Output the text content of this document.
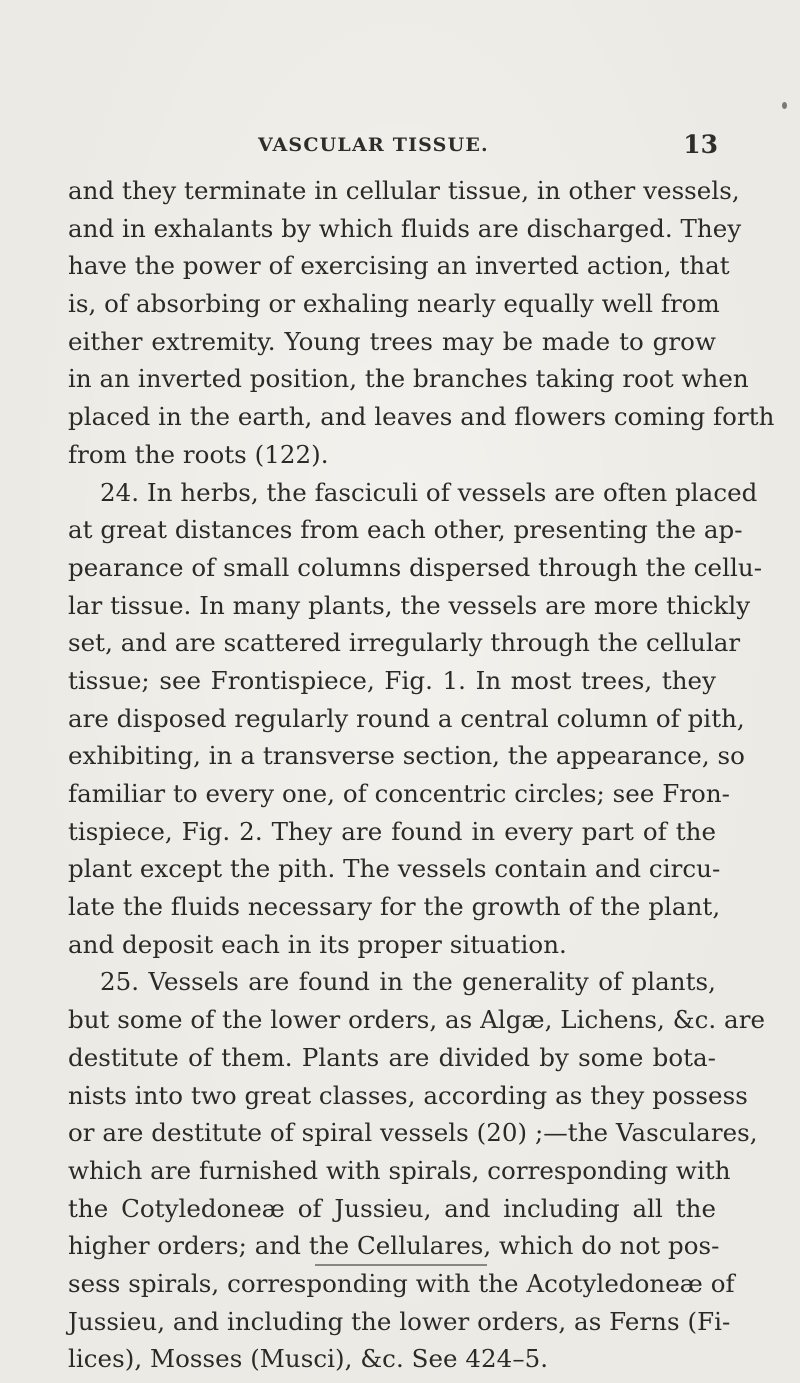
VASCULAR TISSUE.	13
and they terminate in cellular tissue, in other vessels,
and in exhalants by which fluids are discharged. They
have the power of exercising an inverted action, that
is, of absorbing or exhaling nearly equally well from
either extremity. Young trees may be made to grow
in an inverted position, the branches taking root when
placed in the earth, and leaves and flowers coming forth
from the roots (122).
24. In herbs, the fasciculi of vessels are often placed
at great distances from each other, presenting the ap-
pearance of small columns dispersed through the cellu-
lar tissue. In many plants, the vessels are more thickly
set, and are scattered irregularly through the cellular
tissue; see Frontispiece, Fig. 1. In most trees, they
are disposed regularly round a central column of pith,
exhibiting, in a transverse section, the appearance, so
familiar to every one, of concentric circles; see Fron-
tispiece, Fig. 2. They are found in every part of the
plant except the pith. The vessels contain and circu-
late the fluids necessary for the growth of the plant,
and deposit each in its proper situation.
25. Vessels are found in the generality of plants,
but some of the lower orders, as Algæ, Lichens, &c. are
destitute of them. Plants are divided by some bota-
nists into two great classes, according as they possess
or are destitute of spiral vessels (20) ;—the Vasculares,
which are furnished with spirals, corresponding with
the Cotyledoneæ of Jussieu, and including all the
higher orders; and the Cellulares, which do not pos-
sess spirals, corresponding with the Acotyledoneæ of
Jussieu, and including the lower orders, as Ferns (Fi-
lices), Mosses (Musci), &c. See 424–5.
